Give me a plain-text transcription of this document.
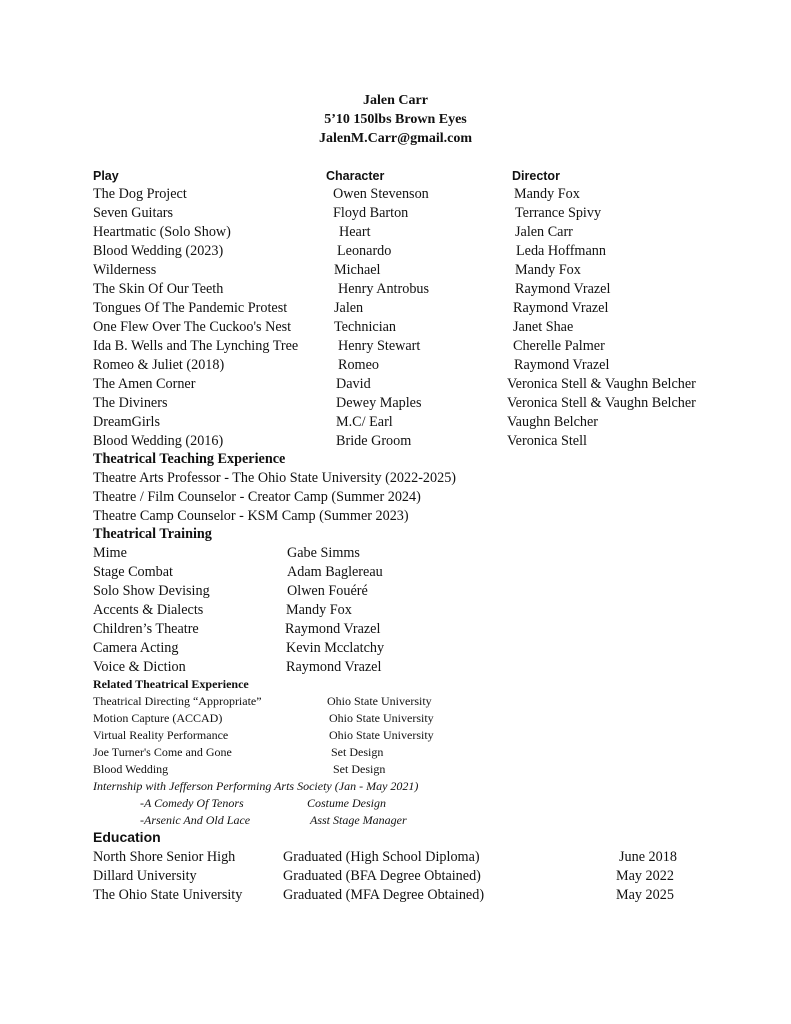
Jalen Carr
5’10 150lbs Brown Eyes
JalenM.Carr@gmail.com
Play	Character	Director
The Dog Project	Owen Stevenson	Mandy Fox
Seven Guitars	Floyd Barton	Terrance Spivy
Heartmatic (Solo Show)	Heart	Jalen Carr
Blood Wedding (2023)	Leonardo	Leda Hoffmann
Wilderness	Michael	Mandy Fox
The Skin Of Our Teeth	Henry Antrobus	Raymond Vrazel
Tongues Of The Pandemic Protest	Jalen	Raymond Vrazel
One Flew Over The Cuckoo's Nest	Technician	Janet Shae
Ida B. Wells and The Lynching Tree	Henry Stewart	Cherelle Palmer
Romeo & Juliet (2018)	Romeo	Raymond Vrazel
The Amen Corner	David	Veronica Stell & Vaughn Belcher
The Diviners	Dewey Maples	Veronica Stell & Vaughn Belcher
DreamGirls	M.C/ Earl	Vaughn Belcher
Blood Wedding (2016)	Bride Groom	Veronica Stell
Theatrical Teaching Experience
Theatre Arts Professor - The Ohio State University (2022-2025)
Theatre / Film Counselor - Creator Camp (Summer 2024)
Theatre Camp Counselor - KSM Camp (Summer 2023)
Theatrical Training
Mime	Gabe Simms
Stage Combat	Adam Baglereau
Solo Show Devising	Olwen Fouéré
Accents & Dialects	Mandy Fox
Children’s Theatre	Raymond Vrazel
Camera Acting	Kevin Mcclatchy
Voice & Diction	Raymond Vrazel
Related Theatrical Experience
Theatrical Directing “Appropriate”	Ohio State University
Motion Capture (ACCAD)	Ohio State University
Virtual Reality Performance	Ohio State University
Joe Turner's Come and Gone	Set Design
Blood Wedding	Set Design
Internship with Jefferson Performing Arts Society (Jan - May 2021)
-A Comedy Of Tenors	Costume Design
-Arsenic And Old Lace	Asst Stage Manager
Education
North Shore Senior High	Graduated (High School Diploma)	June 2018
Dillard University	Graduated (BFA Degree Obtained)	May 2022
The Ohio State University	Graduated (MFA Degree Obtained)	May 2025
